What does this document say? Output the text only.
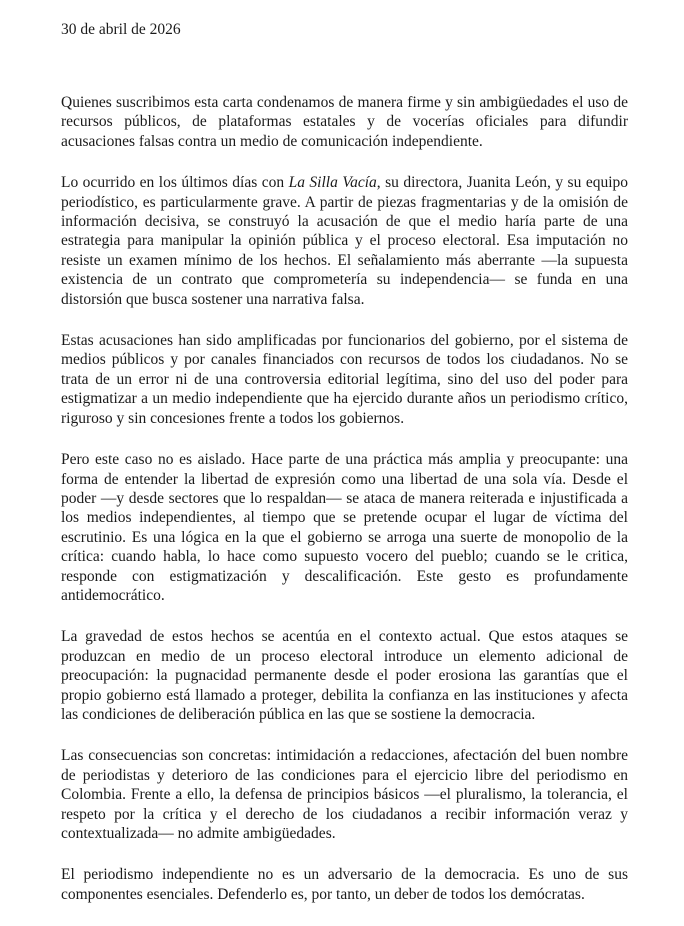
30 de abril de 2026

Quienes suscribimos esta carta condenamos de manera firme y sin ambigüedades el uso de recursos públicos, de plataformas estatales y de vocerías oficiales para difundir acusaciones falsas contra un medio de comunicación independiente.

Lo ocurrido en los últimos días con La Silla Vacía, su directora, Juanita León, y su equipo periodístico, es particularmente grave. A partir de piezas fragmentarias y de la omisión de información decisiva, se construyó la acusación de que el medio haría parte de una estrategia para manipular la opinión pública y el proceso electoral. Esa imputación no resiste un examen mínimo de los hechos. El señalamiento más aberrante —la supuesta existencia de un contrato que comprometería su independencia— se funda en una distorsión que busca sostener una narrativa falsa.

Estas acusaciones han sido amplificadas por funcionarios del gobierno, por el sistema de medios públicos y por canales financiados con recursos de todos los ciudadanos. No se trata de un error ni de una controversia editorial legítima, sino del uso del poder para estigmatizar a un medio independiente que ha ejercido durante años un periodismo crítico, riguroso y sin concesiones frente a todos los gobiernos.

Pero este caso no es aislado. Hace parte de una práctica más amplia y preocupante: una forma de entender la libertad de expresión como una libertad de una sola vía. Desde el poder —y desde sectores que lo respaldan— se ataca de manera reiterada e injustificada a los medios independientes, al tiempo que se pretende ocupar el lugar de víctima del escrutinio. Es una lógica en la que el gobierno se arroga una suerte de monopolio de la crítica: cuando habla, lo hace como supuesto vocero del pueblo; cuando se le critica, responde con estigmatización y descalificación. Este gesto es profundamente antidemocrático.

La gravedad de estos hechos se acentúa en el contexto actual. Que estos ataques se produzcan en medio de un proceso electoral introduce un elemento adicional de preocupación: la pugnacidad permanente desde el poder erosiona las garantías que el propio gobierno está llamado a proteger, debilita la confianza en las instituciones y afecta las condiciones de deliberación pública en las que se sostiene la democracia.

Las consecuencias son concretas: intimidación a redacciones, afectación del buen nombre de periodistas y deterioro de las condiciones para el ejercicio libre del periodismo en Colombia. Frente a ello, la defensa de principios básicos —el pluralismo, la tolerancia, el respeto por la crítica y el derecho de los ciudadanos a recibir información veraz y contextualizada— no admite ambigüedades.

El periodismo independiente no es un adversario de la democracia. Es uno de sus componentes esenciales. Defenderlo es, por tanto, un deber de todos los demócratas.
